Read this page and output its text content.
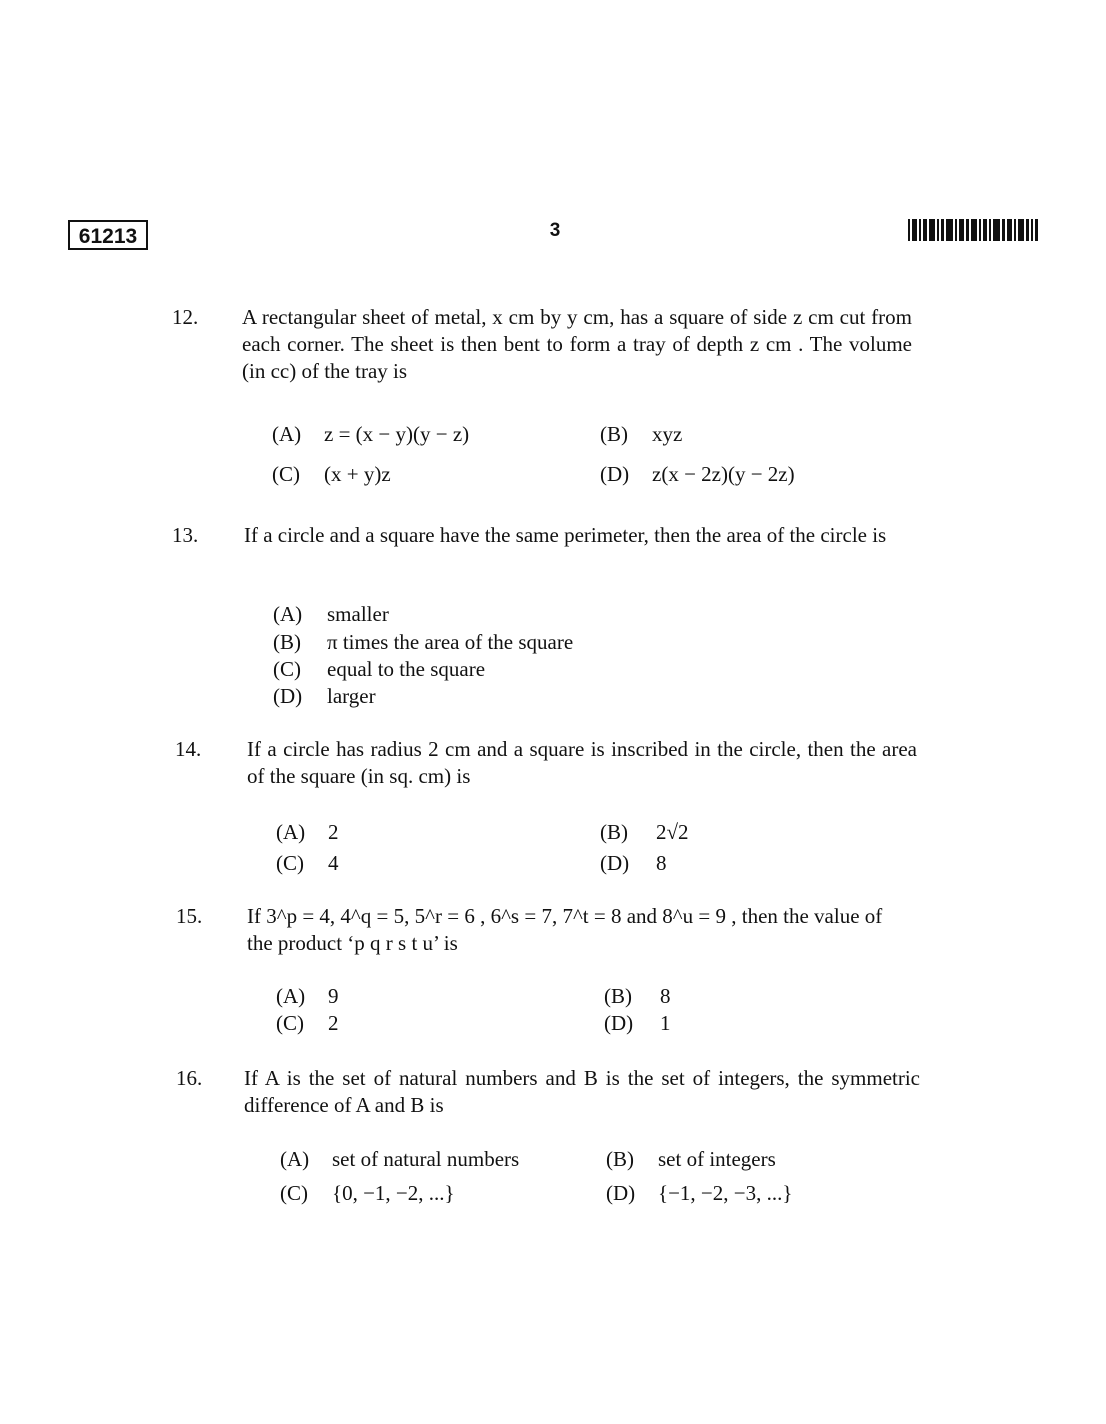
61213	3
12. A rectangular sheet of metal, x cm by y cm, has a square of side z cm cut from each corner. The sheet is then bent to form a tray of depth z cm . The volume (in cc) of the tray is
(A) z = (x − y)(y − z)	(B) xyz
(C) (x + y)z	(D) z(x − 2z)(y − 2z)
13. If a circle and a square have the same perimeter, then the area of the circle is
(A) smaller
(B) π times the area of the square
(C) equal to the square
(D) larger
14. If a circle has radius 2 cm and a square is inscribed in the circle, then the area of the square (in sq. cm) is
(A) 2	(B) 2√2
(C) 4	(D) 8
15. If 3^p = 4, 4^q = 5, 5^r = 6 , 6^s = 7, 7^t = 8 and 8^u = 9 , then the value of
the product ‘p q r s t u’ is
(A) 9	(B) 8
(C) 2	(D) 1
16. If A is the set of natural numbers and B is the set of integers, the symmetric difference of A and B is
(A) set of natural numbers	(B) set of integers
(C) {0, −1, −2, ...}	(D) {−1, −2, −3, ...}
